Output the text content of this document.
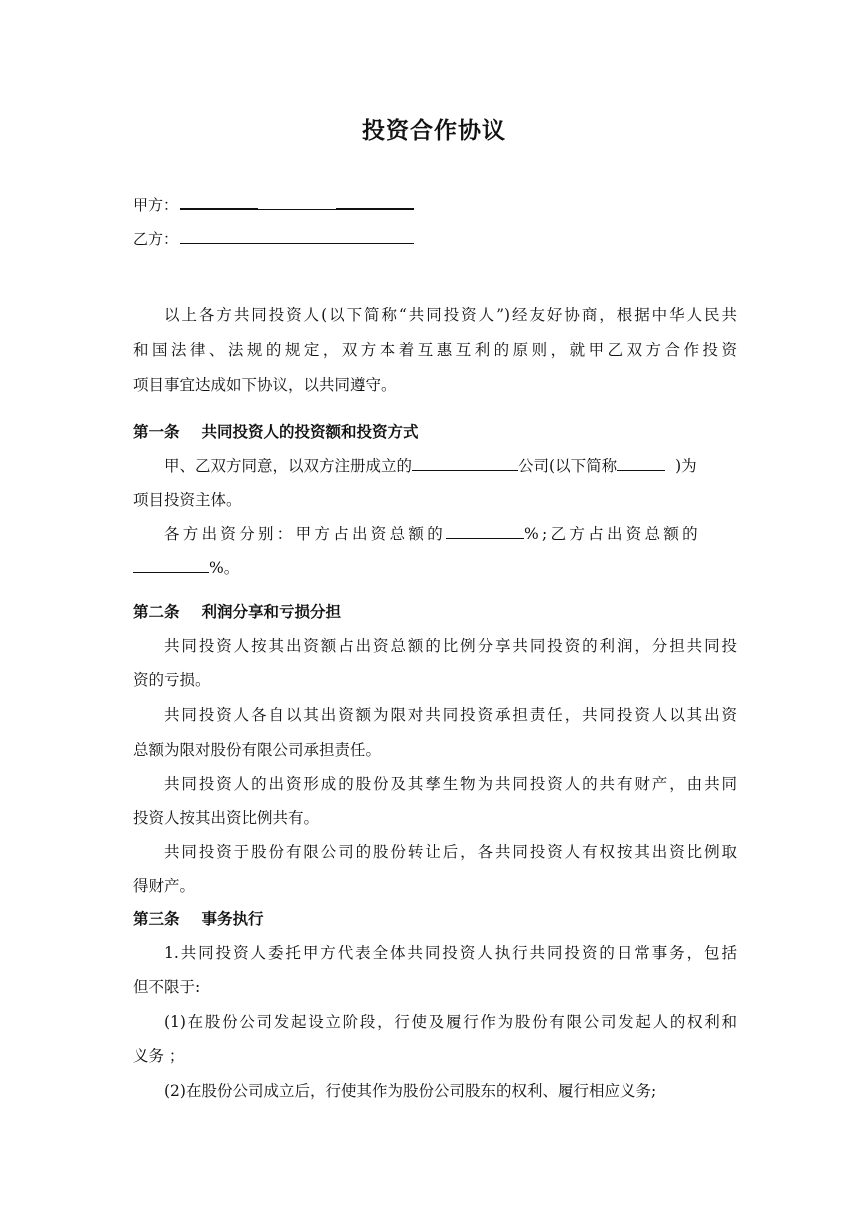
投资合作协议
甲方：
乙方：
以上各方共同投资人(以下简称“共同投资人”)经友好协商，根据中华人民共
和国法律、法规的规定，双方本着互惠互利的原则，就甲乙双方合作投资
项目事宜达成如下协议，以共同遵守。
第一条 共同投资人的投资额和投资方式
甲、乙双方同意，以双方注册成立的	公司(以下简称	)为
项目投资主体。
各方出资分别：甲方占出资总额的	%;乙方占出资总额的
%。
第二条 利润分享和亏损分担
共同投资人按其出资额占出资总额的比例分享共同投资的利润，分担共同投
资的亏损。
共同投资人各自以其出资额为限对共同投资承担责任，共同投资人以其出资
总额为限对股份有限公司承担责任。
共同投资人的出资形成的股份及其孳生物为共同投资人的共有财产，由共同
投资人按其出资比例共有。
共同投资于股份有限公司的股份转让后，各共同投资人有权按其出资比例取
得财产。
第三条 事务执行
1.共同投资人委托甲方代表全体共同投资人执行共同投资的日常事务，包括
但不限于:
(1)在股份公司发起设立阶段，行使及履行作为股份有限公司发起人的权利和
义务 ；
(2)在股份公司成立后，行使其作为股份公司股东的权利、履行相应义务;
